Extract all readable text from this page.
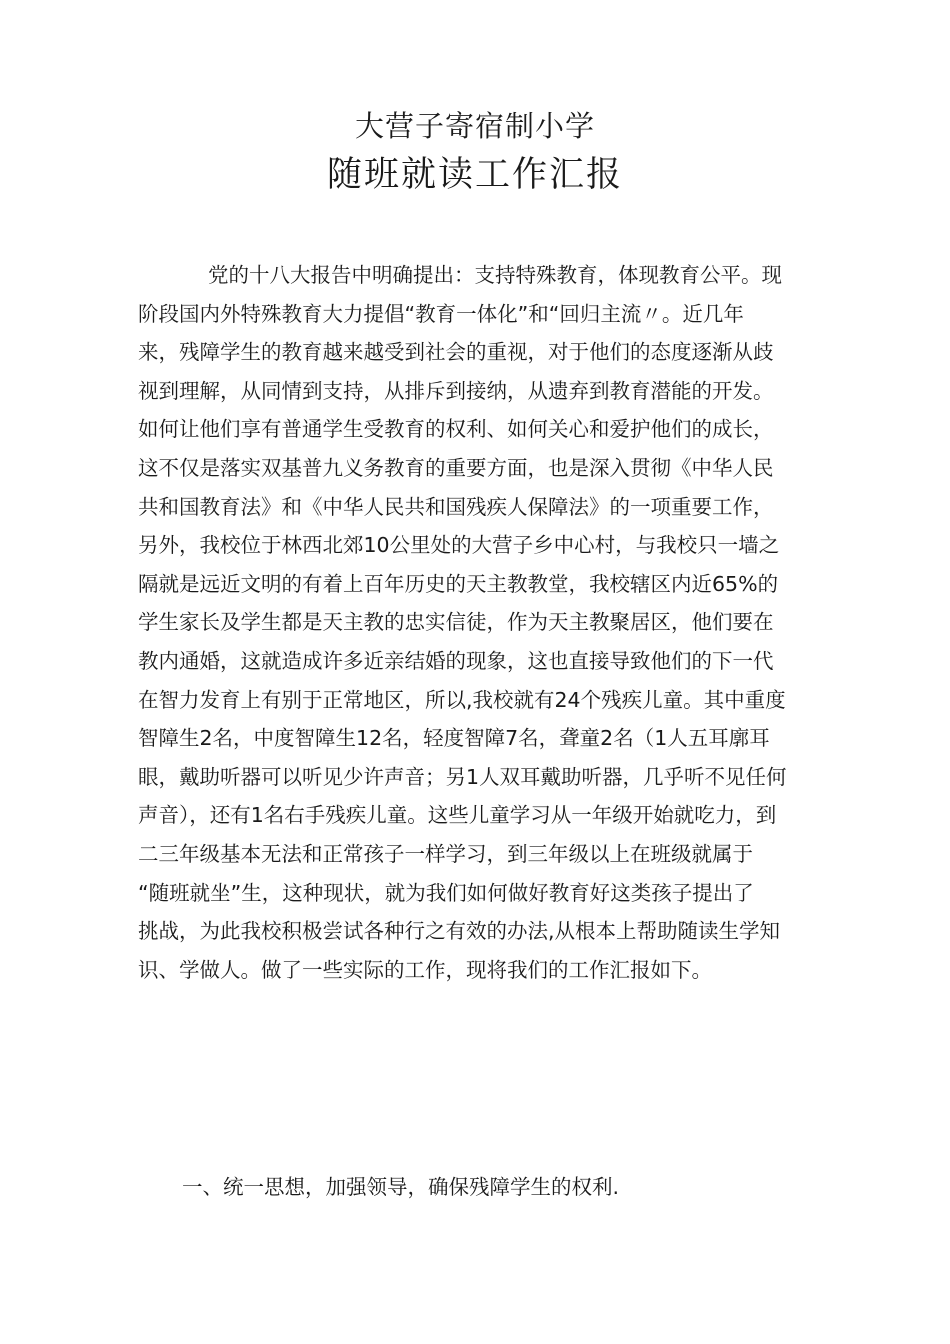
大营子寄宿制小学
随班就读工作汇报
党的十八大报告中明确提出：支持特殊教育，体现教育公平。现
阶段国内外特殊教育大力提倡“教育一体化”和“回归主流〃。近几年
来，残障学生的教育越来越受到社会的重视，对于他们的态度逐渐从歧
视到理解，从同情到支持，从排斥到接纳，从遗弃到教育潜能的开发。
如何让他们享有普通学生受教育的权利、如何关心和爱护他们的成长，
这不仅是落实双基普九义务教育的重要方面，也是深入贯彻《中华人民
共和国教育法》和《中华人民共和国残疾人保障法》的一项重要工作，
另外，我校位于林西北郊10公里处的大营子乡中心村，与我校只一墙之
隔就是远近文明的有着上百年历史的天主教教堂，我校辖区内近65%的
学生家长及学生都是天主教的忠实信徒，作为天主教聚居区，他们要在
教内通婚，这就造成许多近亲结婚的现象，这也直接导致他们的下一代
在智力发育上有别于正常地区，所以,我校就有24个残疾儿童。其中重度
智障生2名，中度智障生12名，轻度智障7名，聋童2名（1人五耳廓耳
眼，戴助听器可以听见少许声音；另1人双耳戴助听器，几乎听不见任何
声音），还有1名右手残疾儿童。这些儿童学习从一年级开始就吃力，到
二三年级基本无法和正常孩子一样学习，到三年级以上在班级就属于
“随班就坐”生，这种现状，就为我们如何做好教育好这类孩子提出了
挑战，为此我校积极尝试各种行之有效的办法,从根本上帮助随读生学知
识、学做人。做了一些实际的工作，现将我们的工作汇报如下。
一、统一思想，加强领导，确保残障学生的权利.
